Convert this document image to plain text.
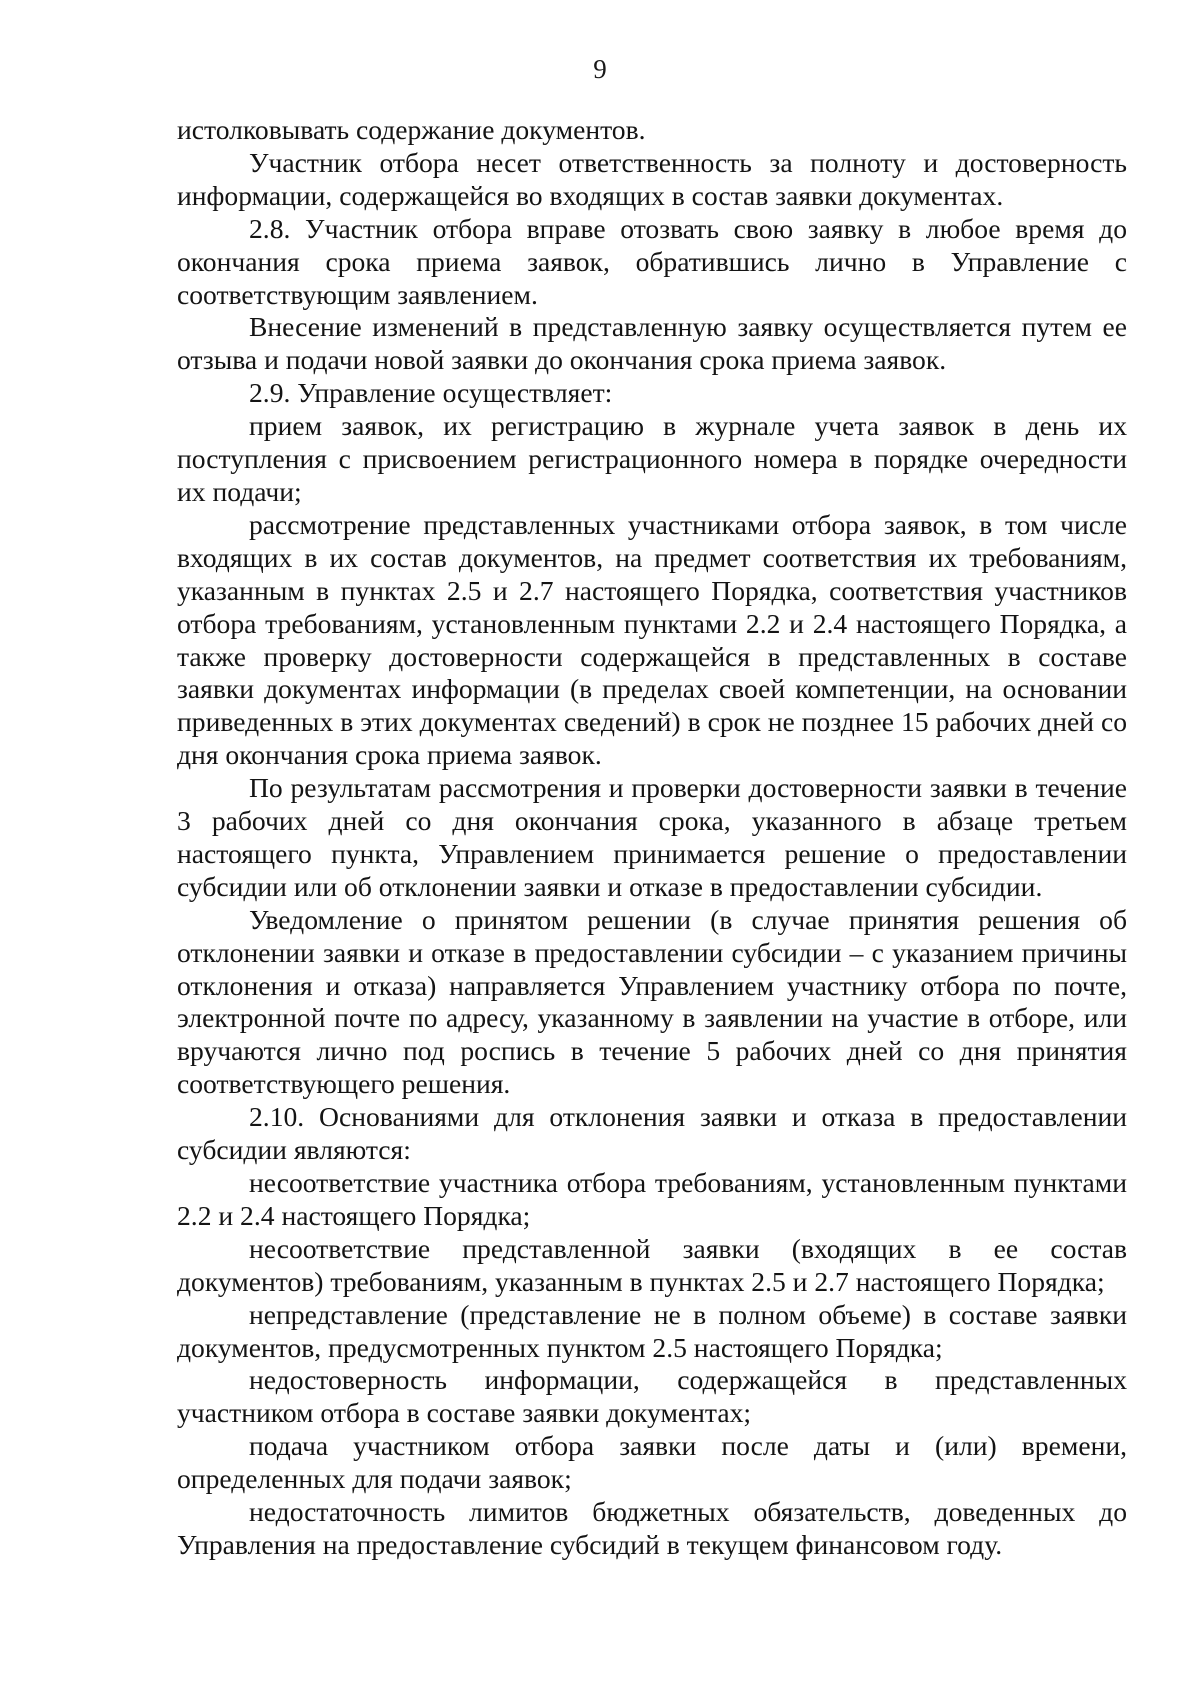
9

истолковывать содержание документов.

Участник отбора несет ответственность за полноту и достоверность информации, содержащейся во входящих в состав заявки документах.

2.8. Участник отбора вправе отозвать свою заявку в любое время до окончания срока приема заявок, обратившись лично в Управление с соответствующим заявлением.

Внесение изменений в представленную заявку осуществляется путем ее отзыва и подачи новой заявки до окончания срока приема заявок.

2.9. Управление осуществляет:

прием заявок, их регистрацию в журнале учета заявок в день их поступления с присвоением регистрационного номера в порядке очередности их подачи;

рассмотрение представленных участниками отбора заявок, в том числе входящих в их состав документов, на предмет соответствия их требованиям, указанным в пунктах 2.5 и 2.7 настоящего Порядка, соответствия участников отбора требованиям, установленным пунктами 2.2 и 2.4 настоящего Порядка, а также проверку достоверности содержащейся в представленных в составе заявки документах информации (в пределах своей компетенции, на основании приведенных в этих документах сведений) в срок не позднее 15 рабочих дней со дня окончания срока приема заявок.

По результатам рассмотрения и проверки достоверности заявки в течение 3 рабочих дней со дня окончания срока, указанного в абзаце третьем настоящего пункта, Управлением принимается решение о предоставлении субсидии или об отклонении заявки и отказе в предоставлении субсидии.

Уведомление о принятом решении (в случае принятия решения об отклонении заявки и отказе в предоставлении субсидии – с указанием причины отклонения и отказа) направляется Управлением участнику отбора по почте, электронной почте по адресу, указанному в заявлении на участие в отборе, или вручаются лично под роспись в течение 5 рабочих дней со дня принятия соответствующего решения.

2.10. Основаниями для отклонения заявки и отказа в предоставлении субсидии являются:

несоответствие участника отбора требованиям, установленным пунктами 2.2 и 2.4 настоящего Порядка;

несоответствие представленной заявки (входящих в ее состав документов) требованиям, указанным в пунктах 2.5 и 2.7 настоящего Порядка;

непредставление (представление не в полном объеме) в составе заявки документов, предусмотренных пунктом 2.5 настоящего Порядка;

недостоверность информации, содержащейся в представленных участником отбора в составе заявки документах;

подача участником отбора заявки после даты и (или) времени, определенных для подачи заявок;

недостаточность лимитов бюджетных обязательств, доведенных до Управления на предоставление субсидий в текущем финансовом году.
